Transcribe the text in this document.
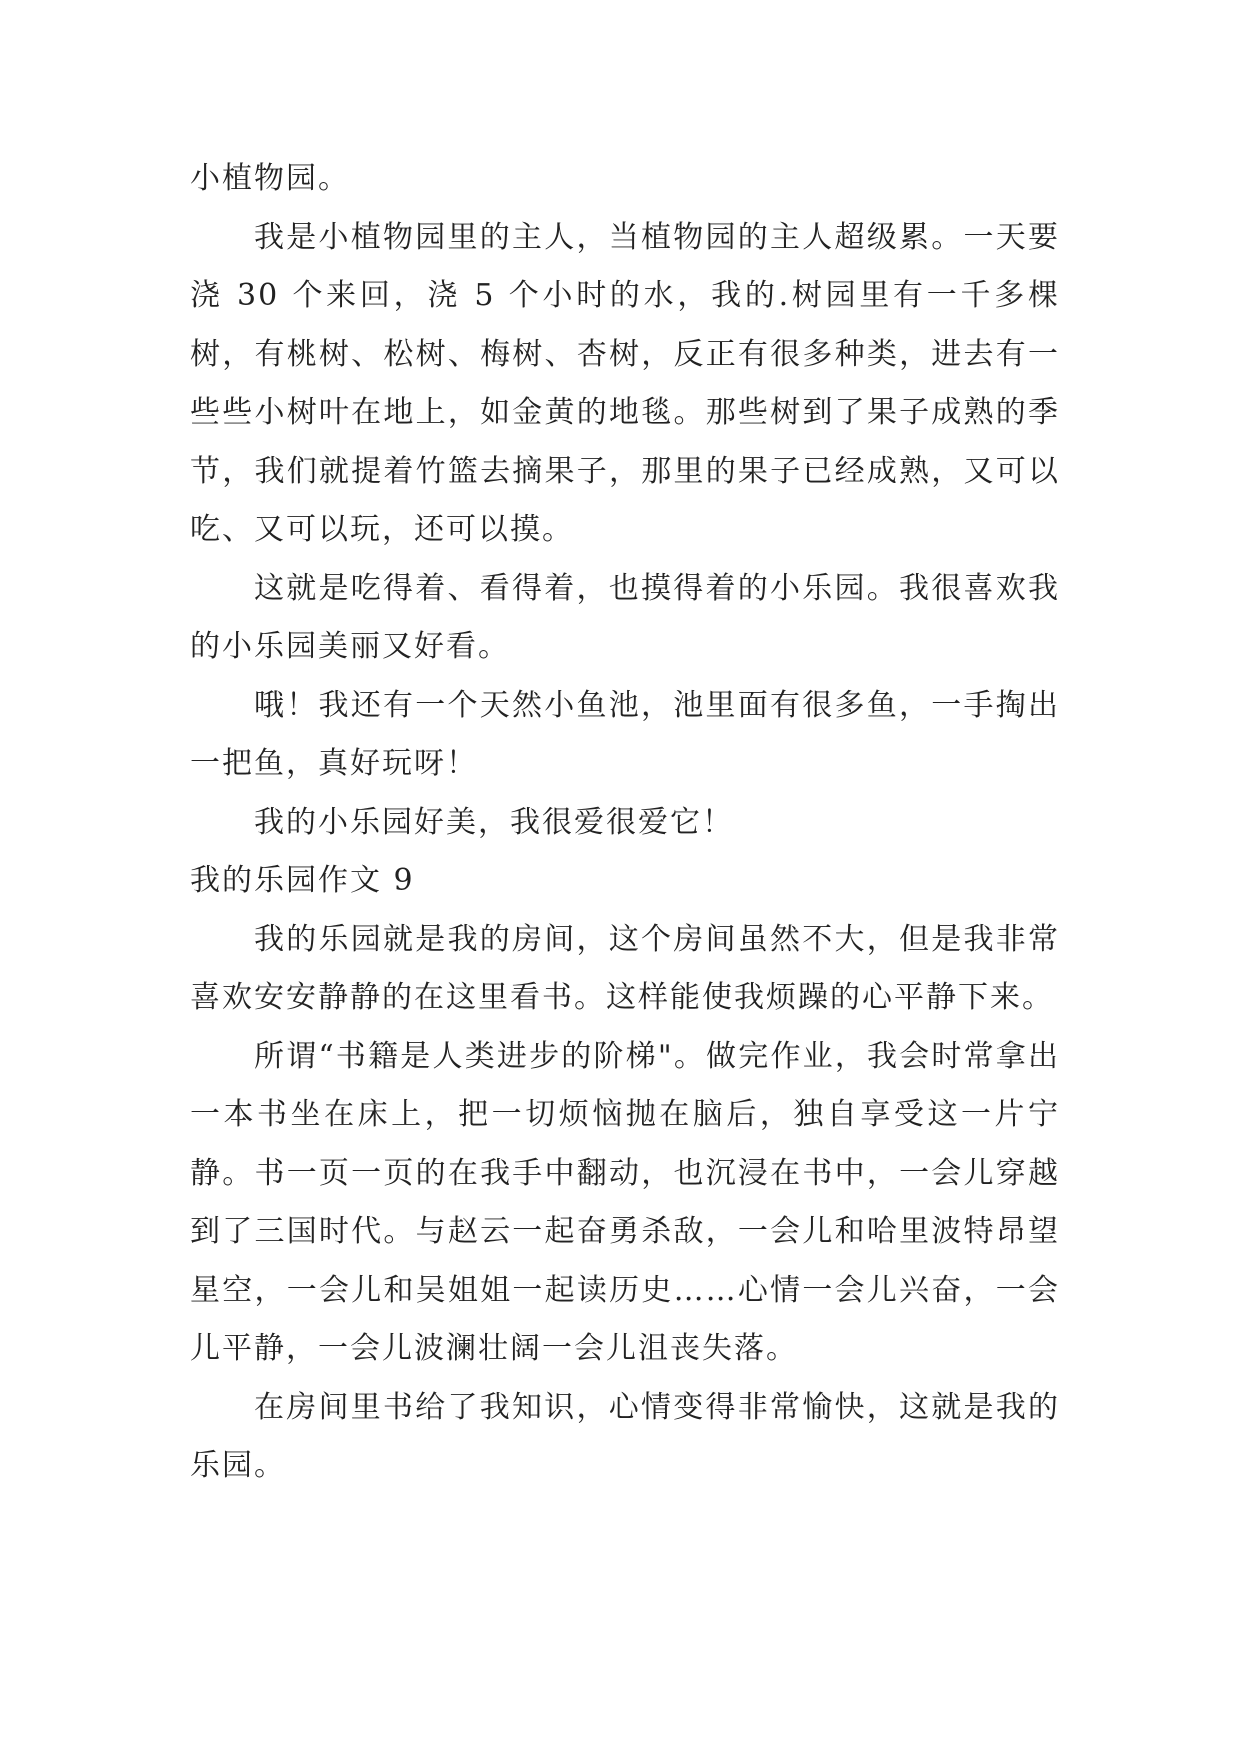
小植物园。

我是小植物园里的主人，当植物园的主人超级累。一天要浇 30 个来回，浇 5 个小时的水，我的.树园里有一千多棵树，有桃树、松树、梅树、杏树，反正有很多种类，进去有一些些小树叶在地上，如金黄的地毯。那些树到了果子成熟的季节，我们就提着竹篮去摘果子，那里的果子已经成熟，又可以吃、又可以玩，还可以摸。

这就是吃得着、看得着，也摸得着的小乐园。我很喜欢我的小乐园美丽又好看。

哦！我还有一个天然小鱼池，池里面有很多鱼，一手掏出一把鱼，真好玩呀！

我的小乐园好美，我很爱很爱它！

我的乐园作文 9

我的乐园就是我的房间，这个房间虽然不大，但是我非常喜欢安安静静的在这里看书。这样能使我烦躁的心平静下来。

所谓“书籍是人类进步的阶梯"。做完作业，我会时常拿出一本书坐在床上，把一切烦恼抛在脑后，独自享受这一片宁静。书一页一页的在我手中翻动，也沉浸在书中，一会儿穿越到了三国时代。与赵云一起奋勇杀敌，一会儿和哈里波特昂望星空，一会儿和吴姐姐一起读历史……心情一会儿兴奋，一会儿平静，一会儿波澜壮阔一会儿沮丧失落。

在房间里书给了我知识，心情变得非常愉快，这就是我的乐园。
